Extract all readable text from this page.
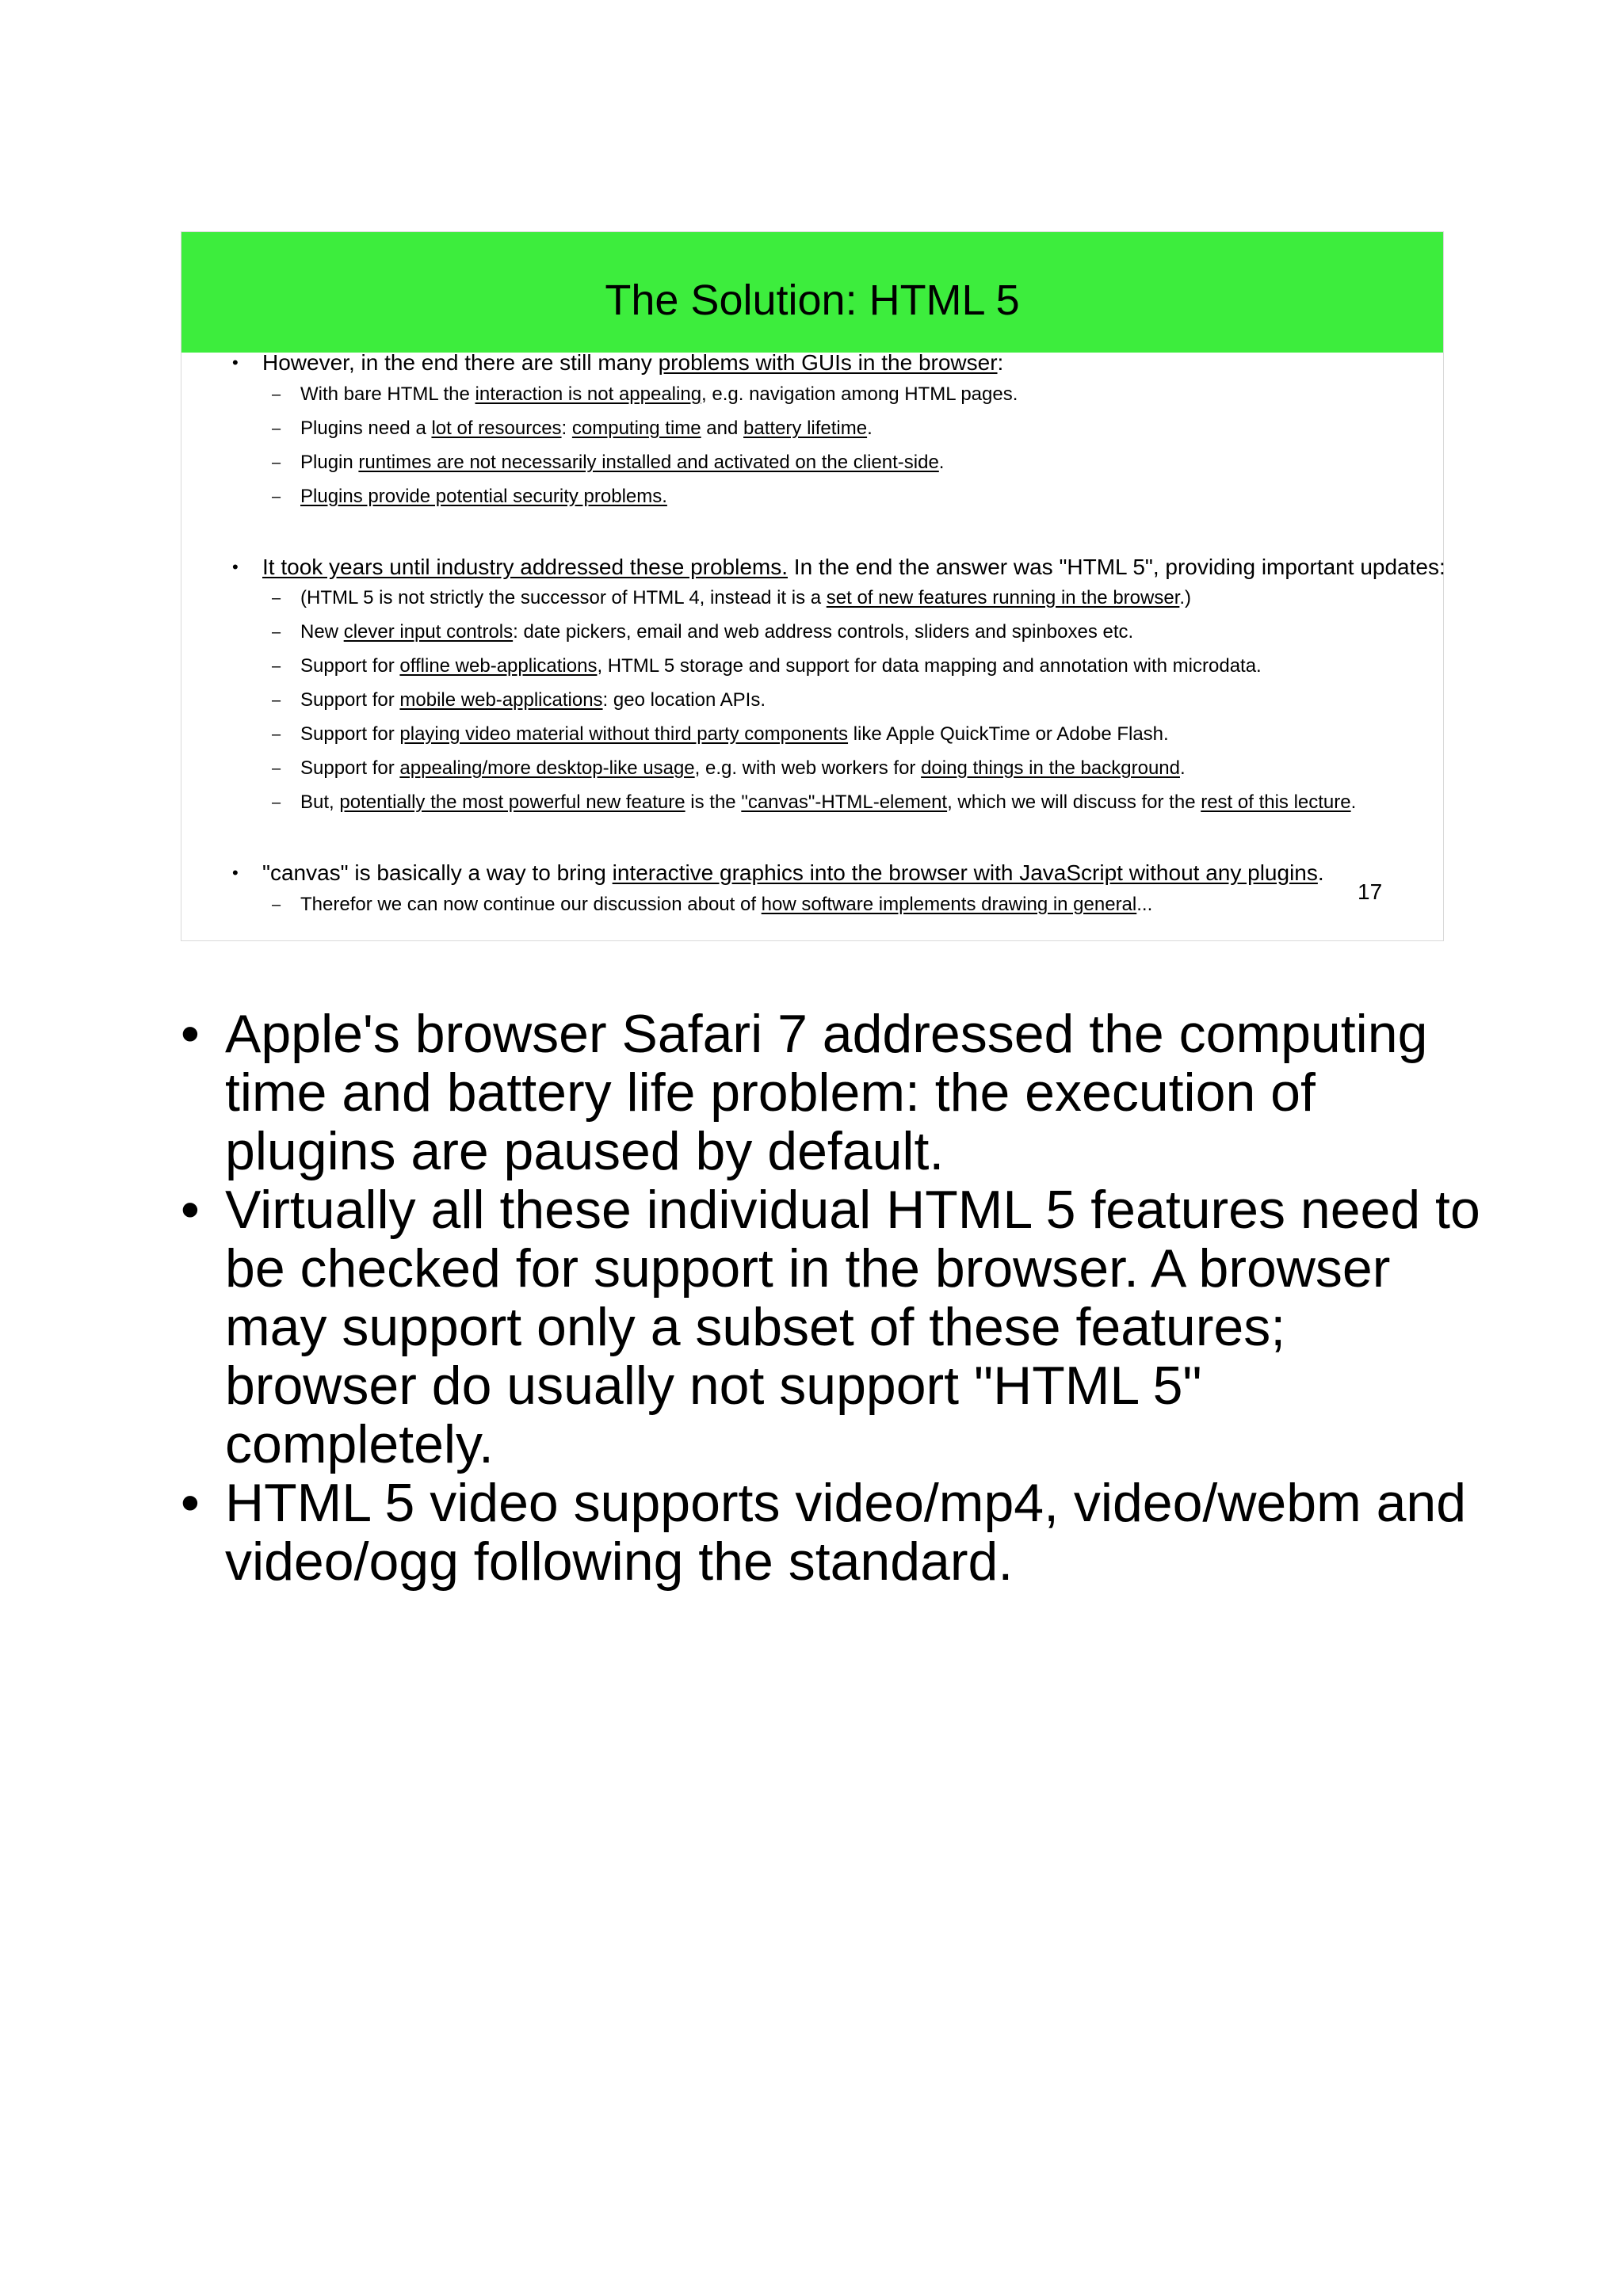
The Solution: HTML 5
• However, in the end there are still many problems with GUIs in the browser:
– With bare HTML the interaction is not appealing, e.g. navigation among HTML pages.
– Plugins need a lot of resources: computing time and battery lifetime.
– Plugin runtimes are not necessarily installed and activated on the client-side.
– Plugins provide potential security problems.
• It took years until industry addressed these problems. In the end the answer was "HTML 5", providing important updates:
– (HTML 5 is not strictly the successor of HTML 4, instead it is a set of new features running in the browser.)
– New clever input controls: date pickers, email and web address controls, sliders and spinboxes etc.
– Support for offline web-applications, HTML 5 storage and support for data mapping and annotation with microdata.
– Support for mobile web-applications: geo location APIs.
– Support for playing video material without third party components like Apple QuickTime or Adobe Flash.
– Support for appealing/more desktop-like usage, e.g. with web workers for doing things in the background.
– But, potentially the most powerful new feature is the "canvas"-HTML-element, which we will discuss for the rest of this lecture.
• "canvas" is basically a way to bring interactive graphics into the browser with JavaScript without any plugins.
– Therefor we can now continue our discussion about of how software implements drawing in general...
17
• Apple's browser Safari 7 addressed the computing time and battery life problem: the execution of plugins are paused by default.
• Virtually all these individual HTML 5 features need to be checked for support in the browser. A browser may support only a subset of these features; browser do usually not support "HTML 5" completely.
• HTML 5 video supports video/mp4, video/webm and video/ogg following the standard.
